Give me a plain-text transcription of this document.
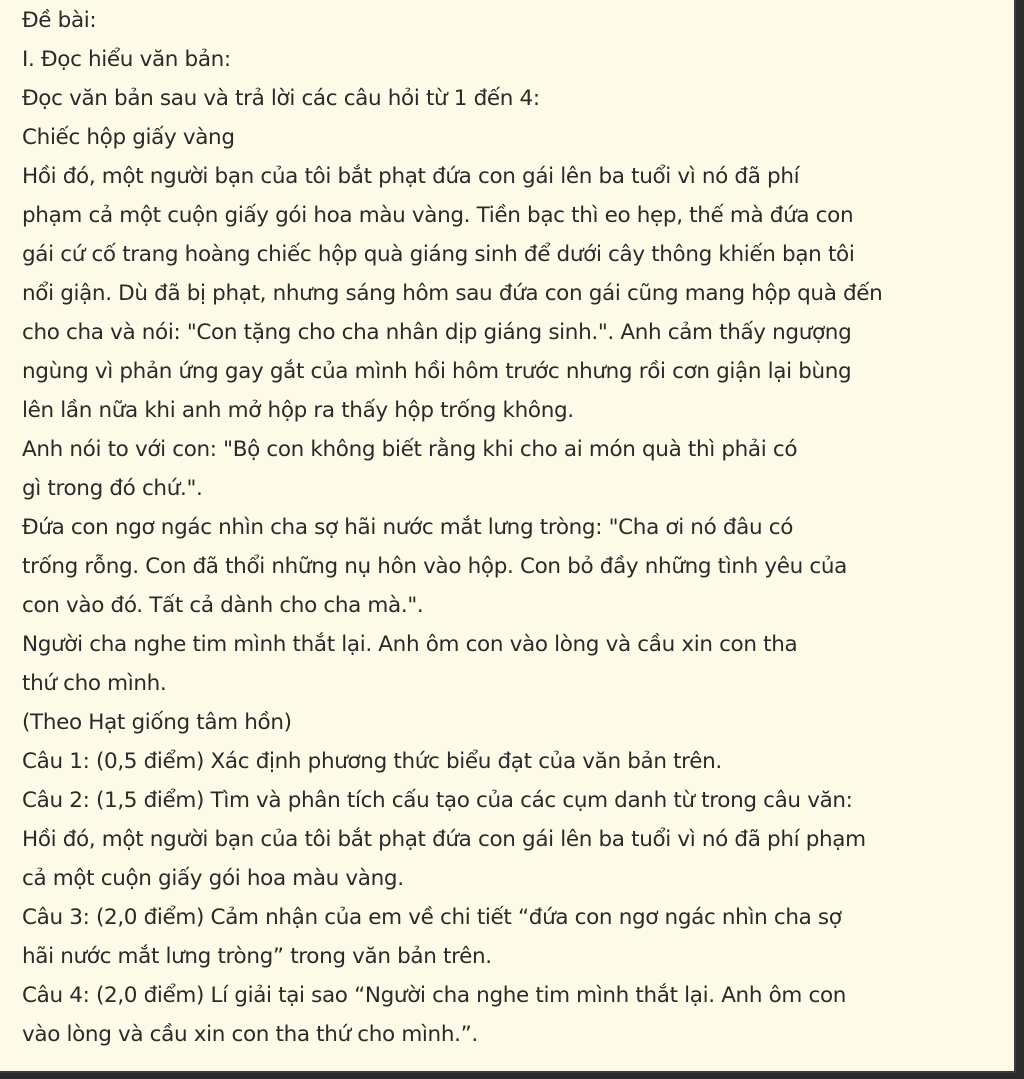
Đề bài:
I. Đọc hiểu văn bản:
Đọc văn bản sau và trả lời các câu hỏi từ 1 đến 4:
Chiếc hộp giấy vàng
Hồi đó, một người bạn của tôi bắt phạt đứa con gái lên ba tuổi vì nó đã phí
phạm cả một cuộn giấy gói hoa màu vàng. Tiền bạc thì eo hẹp, thế mà đứa con
gái cứ cố trang hoàng chiếc hộp quà giáng sinh để dưới cây thông khiến bạn tôi
nổi giận. Dù đã bị phạt, nhưng sáng hôm sau đứa con gái cũng mang hộp quà đến
cho cha và nói: "Con tặng cho cha nhân dịp giáng sinh.". Anh cảm thấy ngượng
ngùng vì phản ứng gay gắt của mình hồi hôm trước nhưng rồi cơn giận lại bùng
lên lần nữa khi anh mở hộp ra thấy hộp trống không.
Anh nói to với con: "Bộ con không biết rằng khi cho ai món quà thì phải có
gì trong đó chứ.".
Đứa con ngơ ngác nhìn cha sợ hãi nước mắt lưng tròng: "Cha ơi nó đâu có
trống rỗng. Con đã thổi những nụ hôn vào hộp. Con bỏ đầy những tình yêu của
con vào đó. Tất cả dành cho cha mà.".
Người cha nghe tim mình thắt lại. Anh ôm con vào lòng và cầu xin con tha
thứ cho mình.
(Theo Hạt giống tâm hồn)
Câu 1: (0,5 điểm) Xác định phương thức biểu đạt của văn bản trên.
Câu 2: (1,5 điểm) Tìm và phân tích cấu tạo của các cụm danh từ trong câu văn:
Hồi đó, một người bạn của tôi bắt phạt đứa con gái lên ba tuổi vì nó đã phí phạm
cả một cuộn giấy gói hoa màu vàng.
Câu 3: (2,0 điểm) Cảm nhận của em về chi tiết “đứa con ngơ ngác nhìn cha sợ
hãi nước mắt lưng tròng” trong văn bản trên.
Câu 4: (2,0 điểm) Lí giải tại sao “Người cha nghe tim mình thắt lại. Anh ôm con
vào lòng và cầu xin con tha thứ cho mình.”.
